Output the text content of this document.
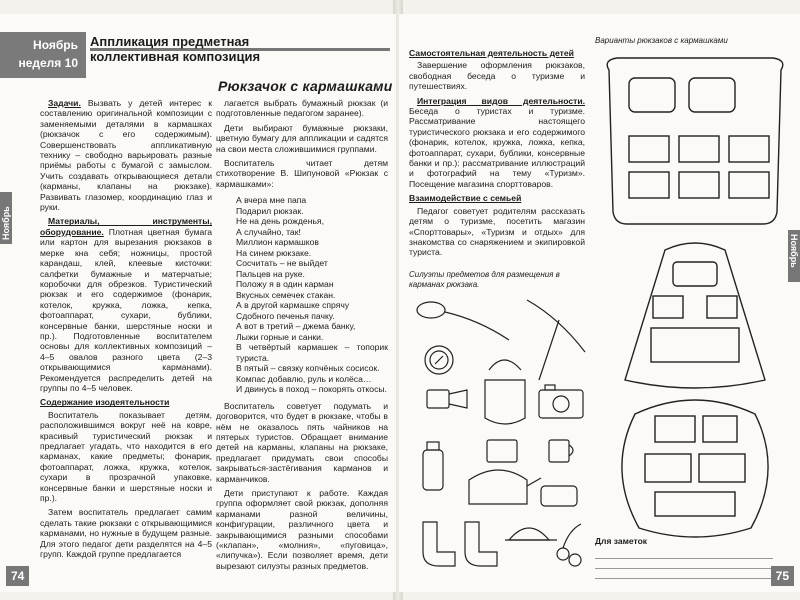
Ноябрь
неделя 10
Аппликация предметная
коллективная композиция
Рюкзачок с кармашками
Ноябрь

Задачи. Вызвать у детей интерес к составлению оригинальной композиции с заменяемыми деталями в кармашках (рюкзачок с его содержимым). Совершенствовать аппликативную технику – свободно варьировать разные приёмы работы с бумагой с замыслом. Учить создавать открывающиеся детали (карманы, клапаны на рюкзаке). Развивать глазомер, координацию глаз и руки.

Материалы, инструменты, оборудование. Плотная цветная бумага или картон для вырезания рюкзаков в мерке кна себя; ножницы, простой карандаш, клей, клеевые кисточки: салфетки бумажные и матерчатые; коробочки для обрезков. Туристический рюкзак и его содержимое (фонарик, котелок, кружка, ложка, кепка, фотоаппарат, сухари, бублики, консервные банки, шерстяные носки и пр.). Подготовленные воспитателем основы для коллективных композиций – 4–5 овалов разного цвета (2–3 открывающимися карманами). Рекомендуется распределить детей на группы по 4–5 человек.

Содержание изодеятельности

Воспитатель показывает детям, расположившимся вокруг неё на ковре, красивый туристический рюкзак и предлагает угадать, что находится в его карманах, какие предметы; фонарик, фотоаппарат, ложка, кружка, котелок, сухари в прозрачной упаковке, консервные банки и шерстяные носки и пр.).

Затем воспитатель предлагает самим сделать такие рюкзаки с открывающимися карманами, но нужные в будущем разные. Для этого педагог дети разделятся на 4–5 групп. Каждой группе предлагается

лагается выбрать бумажный рюкзак (и подготовленные педагогом заранее).

Дети выбирают бумажные рюкзаки, цветную бумагу для аппликации и садятся на свои места сложившимися группами.

Воспитатель читает детям стихотворение В. Шипуновой «Рюкзак с кармашками»:

А вчера мне папа
Подарил рюкзак.
Не на день рожденья,
А случайно, так!
Миллион кармашков
На синем рюкзаке.
Сосчитать – не выйдет
Пальцев на руке.
Положу я в один карман
Вкусных семечек стакан.
А в другой кармашке спрячу
Сдобного печенья пачку.
А вот в третий – джема банку,
Лыжи горные и санки.
В четвёртый кармашек – топорик туриста.
В пятый – связку копчёных сосисок.
Компас добавлю, руль и колёса…
И двинусь в поход – покорять откосы.

Воспитатель советует подумать и договорится, что будет в рюкзаке, чтобы в нём не оказалось пять чайников на пятерых туристов. Обращает внимание детей на карманы, клапаны на рюкзаке, предлагает придумать свои способы закрываться-застёгивания карманов и карманчиков.

Дети приступают к работе. Каждая группа оформляет свой рюкзак, дополняя карманами разной величины, конфигурации, различного цвета и закрывающимися разными способами («клапан», «молния», «пуговица», «липучка»). Если позволяет время, дети вырезают силуэты разных предметов.

74

Самостоятельная деятельность детей

Завершение оформления рюкзаков, свободная беседа о туризме и путешествиях.

Интеграция видов деятельности. Беседа о туристах и туризме. Рассматривание настоящего туристического рюкзака и его содержимого (фонарик, котелок, кружка, ложка, кепка, фотоаппарат, сухари, бублики, консервные банки и пр.): рассматривание иллюстраций и фотографий на тему «Туризм». Посещение магазина спорттоваров.

Взаимодействие с семьей

Педагог советует родителям рассказать детям о туризме, посетить магазин «Спорттовары», «Туризм и отдых» для знакомства со снаряжением и экипировкой туриста.

Силуэты предметов для размещения в карманах рюкзака.
Варианты рюкзаков с кармашками
Для заметок
Ноябрь
75
